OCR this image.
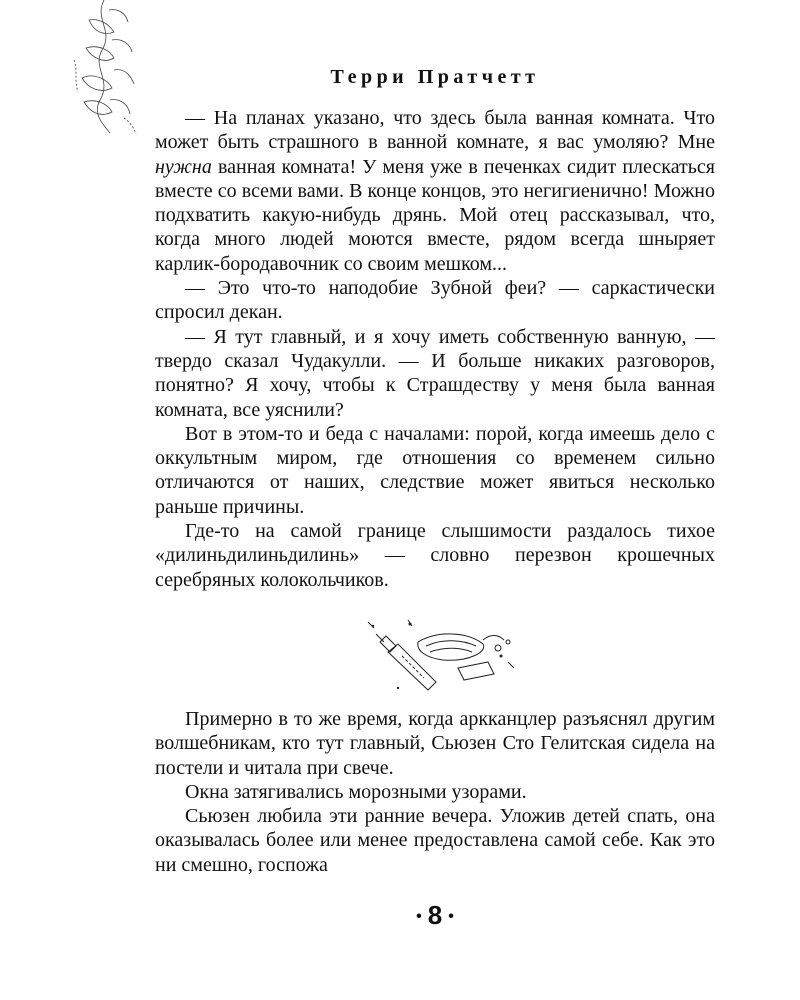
Терри Пратчетт

— На планах указано, что здесь была ванная комната. Что может быть страшного в ванной комнате, я вас умоляю? Мне нужна ванная комната! У меня уже в печенках сидит плескаться вместе со всеми вами. В конце концов, это негигиенично! Можно подхватить какую-нибудь дрянь. Мой отец рассказывал, что, когда много людей моются вместе, рядом всегда шныряет карлик-бородавочник со своим мешком...

— Это что-то наподобие Зубной феи? — саркастически спросил декан.

— Я тут главный, и я хочу иметь собственную ванную, — твердо сказал Чудакулли. — И больше никаких разговоров, понятно? Я хочу, чтобы к Страшдеству у меня была ванная комната, все уяснили?

Вот в этом-то и беда с началами: порой, когда имеешь дело с оккультным миром, где отношения со временем сильно отличаются от наших, следствие может явиться несколько раньше причины.

Где-то на самой границе слышимости раздалось тихое «дилиньдилиньдилинь» — словно перезвон крошечных серебряных колокольчиков.

Примерно в то же время, когда аркканцлер разъяснял другим волшебникам, кто тут главный, Сьюзен Сто Гелитская сидела на постели и читала при свече.

Окна затягивались морозными узорами.

Сьюзен любила эти ранние вечера. Уложив детей спать, она оказывалась более или менее предоставлена самой себе. Как это ни смешно, госпожа

• 8 •
